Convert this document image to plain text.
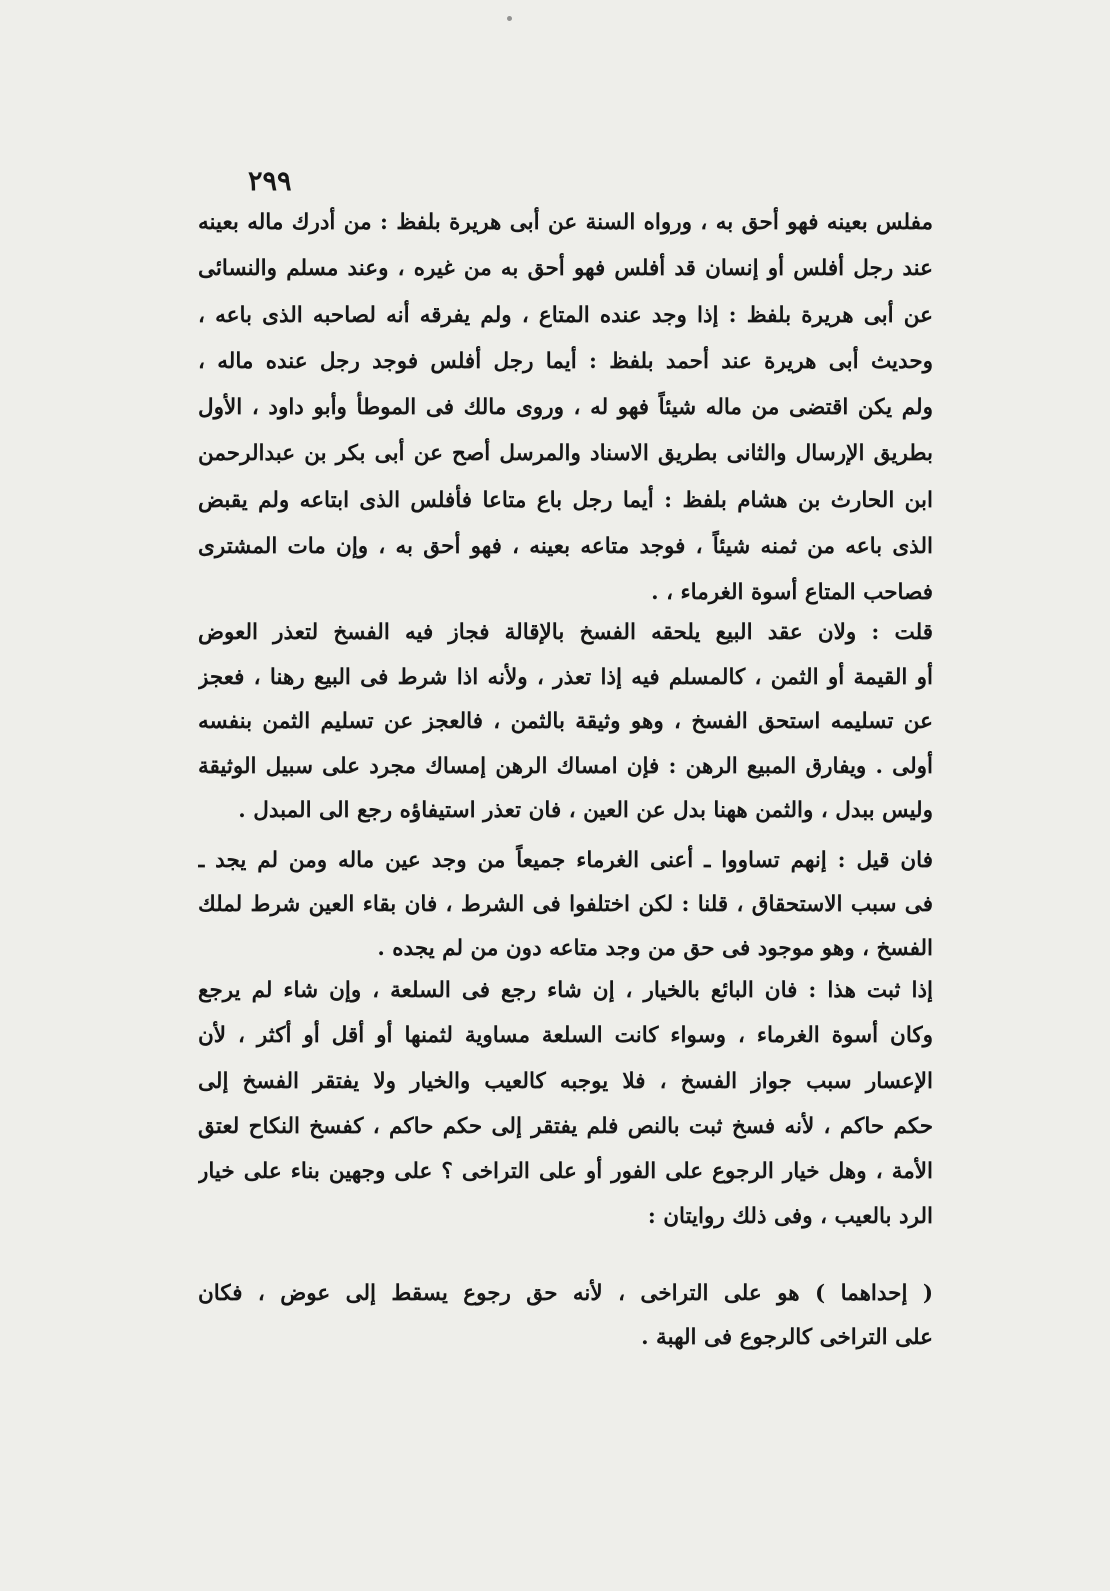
٢٩٩

مفلس بعينه فهو أحق به ، ورواه السنة عن أبى هريرة بلفظ : من أدرك ماله بعينه
عند رجل أفلس أو إنسان قد أفلس فهو أحق به من غيره ، وعند مسلم والنسائى
عن أبى هريرة بلفظ : إذا وجد عنده المتاع ، ولم يفرقه أنه لصاحبه الذى باعه ،
وحديث أبى هريرة عند أحمد بلفظ : أيما رجل أفلس فوجد رجل عنده ماله ،
ولم يكن اقتضى من ماله شيئاً فهو له ، وروى مالك فى الموطأ وأبو داود ، الأول
بطريق الإرسال والثانى بطريق الاسناد والمرسل أصح عن أبى بكر بن عبدالرحمن
ابن الحارث بن هشام بلفظ : أيما رجل باع متاعا فأفلس الذى ابتاعه ولم يقبض
الذى باعه من ثمنه شيئاً ، فوجد متاعه بعينه ، فهو أحق به ، وإن مات المشترى
فصاحب المتاع أسوة الغرماء ، .

قلت : ولان عقد البيع يلحقه الفسخ بالإقالة فجاز فيه الفسخ لتعذر العوض
أو القيمة أو الثمن ، كالمسلم فيه إذا تعذر ، ولأنه اذا شرط فى البيع رهنا ، فعجز
عن تسليمه استحق الفسخ ، وهو وثيقة بالثمن ، فالعجز عن تسليم الثمن بنفسه
أولى . ويفارق المبيع الرهن : فإن امساك الرهن إمساك مجرد على سبيل الوثيقة
وليس ببدل ، والثمن ههنا بدل عن العين ، فان تعذر استيفاؤه رجع الى المبدل .

فان قيل : إنهم تساووا ـ أعنى الغرماء جميعاً من وجد عين ماله ومن لم يجد ـ
فى سبب الاستحقاق ، قلنا : لكن اختلفوا فى الشرط ، فان بقاء العين شرط لملك
الفسخ ، وهو موجود فى حق من وجد متاعه دون من لم يجده .

إذا ثبت هذا : فان البائع بالخيار ، إن شاء رجع فى السلعة ، وإن شاء لم يرجع
وكان أسوة الغرماء ، وسواء كانت السلعة مساوية لثمنها أو أقل أو أكثر ، لأن
الإعسار سبب جواز الفسخ ، فلا يوجبه كالعيب والخيار ولا يفتقر الفسخ إلى
حكم حاكم ، لأنه فسخ ثبت بالنص فلم يفتقر إلى حكم حاكم ، كفسخ النكاح لعتق
الأمة ، وهل خيار الرجوع على الفور أو على التراخى ؟ على وجهين بناء على خيار
الرد بالعيب ، وفى ذلك روايتان :

( إحداهما ) هو على التراخى ، لأنه حق رجوع يسقط إلى عوض ، فكان
على التراخى كالرجوع فى الهبة .
